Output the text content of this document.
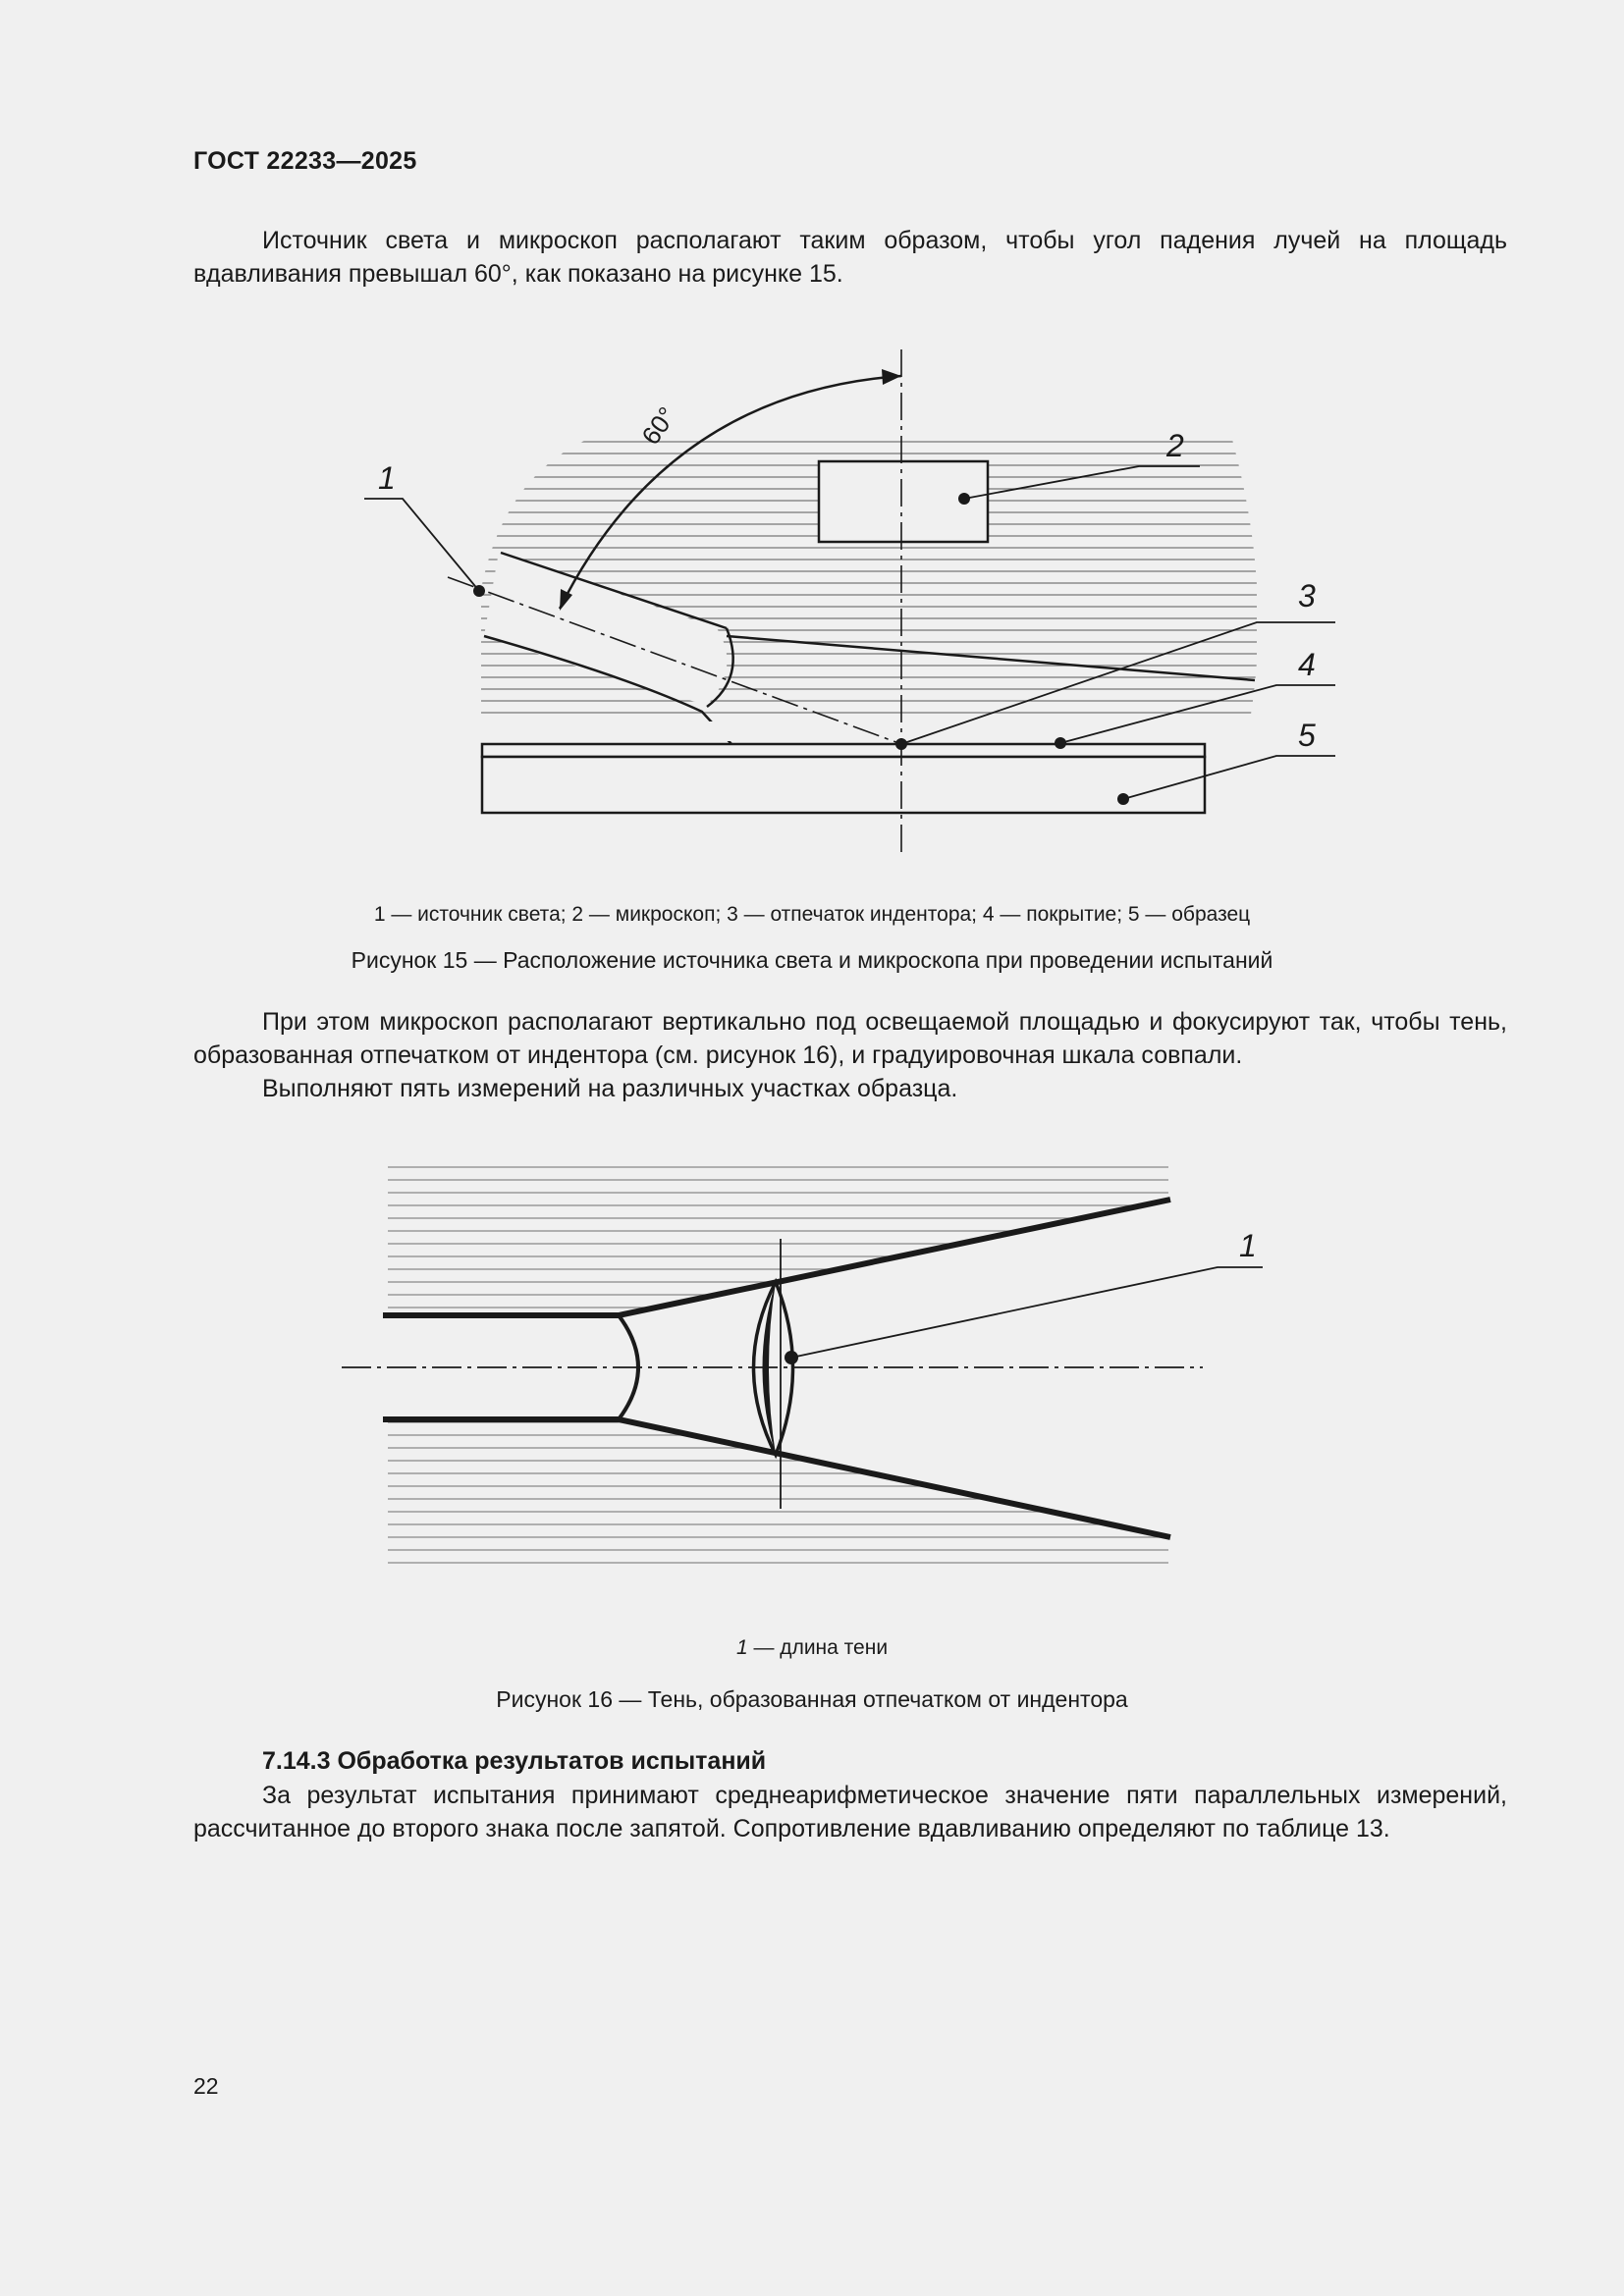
ГОСТ 22233—2025

Источник света и микроскоп располагают таким образом, чтобы угол падения лучей на площадь вдавливания превышал 60°, как показано на рисунке 15.

60°
1
2
3
4
5
1 — источник света; 2 — микроскоп; 3 — отпечаток индентора; 4 — покрытие; 5 — образец
Рисунок 15 — Расположение источника света и микроскопа при проведении испытаний

При этом микроскоп располагают вертикально под освещаемой площадью и фокусируют так, чтобы тень, образованная отпечатком от индентора (см. рисунок 16), и градуировочная шкала совпали.

Выполняют пять измерений на различных участках образца.

1
1 — длина тени
Рисунок 16 — Тень, образованная отпечатком от индентора
7.14.3 Обработка результатов испытаний

За результат испытания принимают среднеарифметическое значение пяти параллельных измерений, рассчитанное до второго знака после запятой. Сопротивление вдавливанию определяют по таблице 13.

22
